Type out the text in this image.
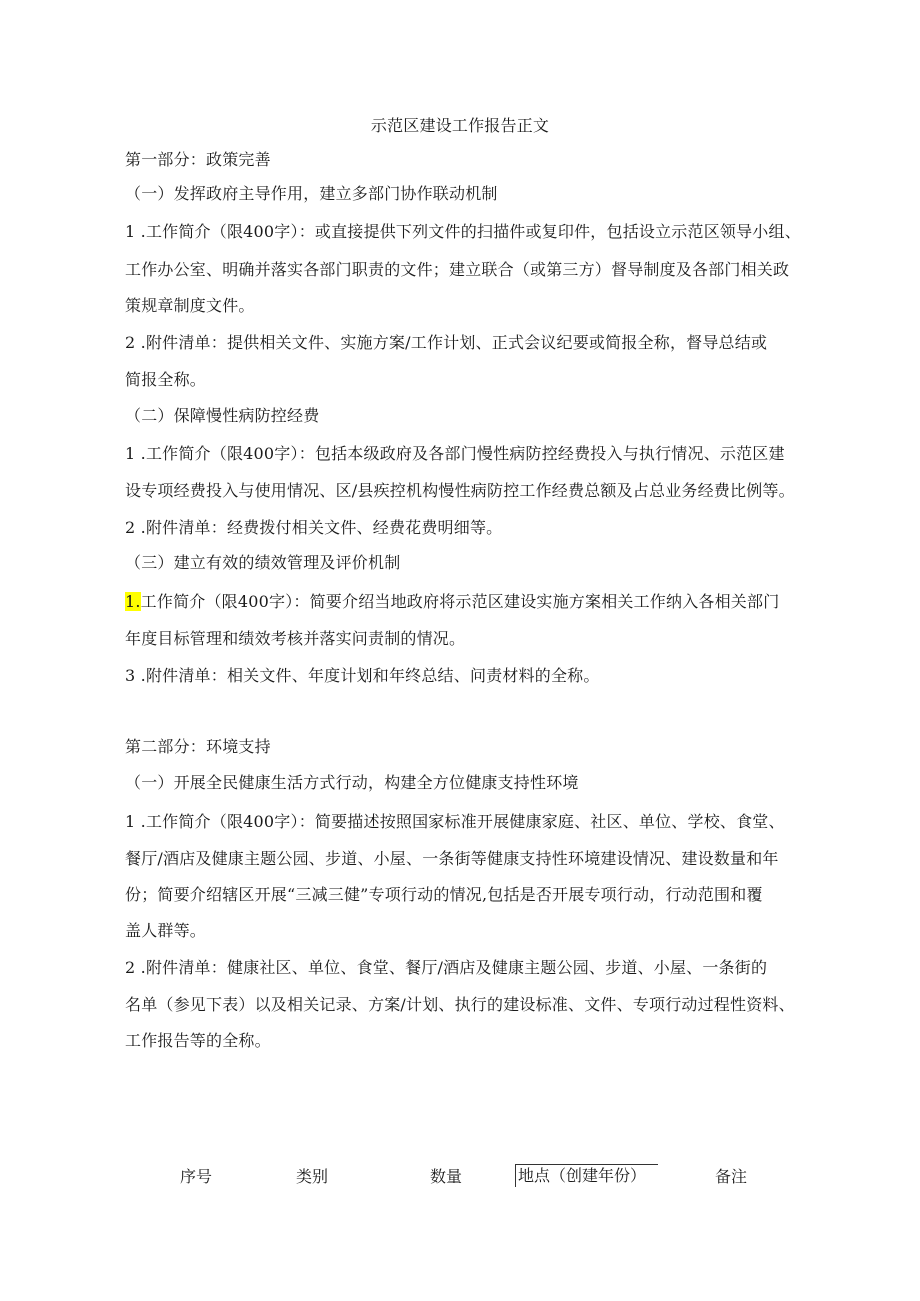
示范区建设工作报告正文
第一部分：政策完善
（一）发挥政府主导作用，建立多部门协作联动机制
1 .工作简介（限400字）：或直接提供下列文件的扫描件或复印件，包括设立示范区领导小组、
工作办公室、明确并落实各部门职责的文件；建立联合（或第三方）督导制度及各部门相关政
策规章制度文件。
2 .附件清单：提供相关文件、实施方案/工作计划、正式会议纪要或简报全称，督导总结或
简报全称。
（二）保障慢性病防控经费
1 .工作简介（限400字）：包括本级政府及各部门慢性病防控经费投入与执行情况、示范区建
设专项经费投入与使用情况、区/县疾控机构慢性病防控工作经费总额及占总业务经费比例等。
2 .附件清单：经费拨付相关文件、经费花费明细等。
（三）建立有效的绩效管理及评价机制
1.工作简介（限400字）：简要介绍当地政府将示范区建设实施方案相关工作纳入各相关部门
年度目标管理和绩效考核并落实问责制的情况。
3 .附件清单：相关文件、年度计划和年终总结、问责材料的全称。
第二部分：环境支持
（一）开展全民健康生活方式行动，构建全方位健康支持性环境
1 .工作简介（限400字）：简要描述按照国家标准开展健康家庭、社区、单位、学校、食堂、
餐厅/酒店及健康主题公园、步道、小屋、一条街等健康支持性环境建设情况、建设数量和年
份；简要介绍辖区开展“三减三健”专项行动的情况,包括是否开展专项行动，行动范围和覆
盖人群等。
2 .附件清单：健康社区、单位、食堂、餐厅/酒店及健康主题公园、步道、小屋、一条街的
名单（参见下表）以及相关记录、方案/计划、执行的建设标准、文件、专项行动过程性资料、
工作报告等的全称。
序号	类别	数量	地点（创建年份）	备注
